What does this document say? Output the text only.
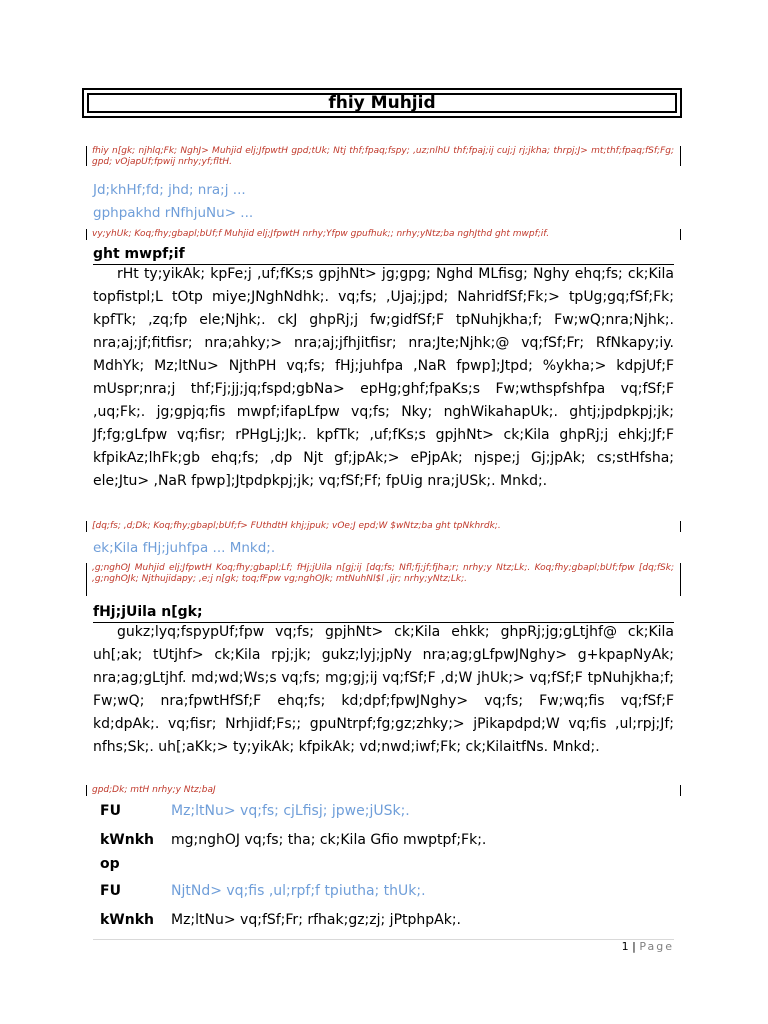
fhiy Muhjid
fhiy n[gk; njhlq;Fk; NghJ> Muhjid elj;JfpwtH gpd;tUk; Ntj thf;fpaq;fspy; ,uz;nlhU thf;fpaj;ij cuj;j rj;jkha; thrpj;J> mt;thf;fpaq;fSf;Fg; gpd; vOjapUf;fpwij nrhy;yf;fltH.
Jd;khHf;fd; jhd; nra;j ...
gphpakhd rNfhjuNu> ...
vy;yhUk; Koq;fhy;gbapl;bUf;f Muhjid elj;JfpwtH nrhy;Yfpw gpufhuk;; nrhy;yNtz;ba nghJthd ght mwpf;if.
ght mwpf;if
rHt ty;yikAk; kpFe;j ,uf;fKs;s gpjhNt> jg;gpg; Nghd MLfisg; Nghy ehq;fs; ck;Kila topfistpl;L tOtp miye;JNghNdhk;. vq;fs; ,Ujaj;jpd; NahridfSf;Fk;> tpUg;gq;fSf;Fk; kpfTk; ,zq;fp ele;Njhk;. ckJ ghpRj;j fw;gidfSf;F tpNuhjkha;f; Fw;wQ;nra;Njhk;. nra;aj;jf;fitfisr; nra;ahky;> nra;aj;jfhjitfisr; nra;Jte;Njhk;@ vq;fSf;Fr; RfNkapy;iy. MdhYk; Mz;ltNu> NjthPH vq;fs; fHj;juhfpa ,NaR fpwp];Jtpd; %ykha;> kdpjUf;F mUspr;nra;j thf;Fj;jj;jq;fspd;gbNa> epHg;ghf;fpaKs;s Fw;wthspfshfpa vq;fSf;F ,uq;Fk;. jg;gpjq;fis mwpf;ifapLfpw vq;fs; Nky; nghWikahapUk;. ghtj;jpdpkpj;jk; Jf;fg;gLfpw vq;fisr; rPHgLj;Jk;. kpfTk; ,uf;fKs;s gpjhNt> ck;Kila ghpRj;j ehkj;Jf;F kfpikAz;lhFk;gb ehq;fs; ,dp Njt gf;jpAk;> ePjpAk; njspe;j Gj;jpAk; cs;stHfsha; ele;Jtu> ,NaR fpwp];Jtpdpkpj;jk; vq;fSf;Ff; fpUig nra;jUSk;. Mnkd;.
[dq;fs; ,d;Dk; Koq;fhy;gbapl;bUf;f> FUthdtH khj;jpuk; vOe;J epd;W $wNtz;ba ght tpNkhrdk;.
ek;Kila fHj;juhfpa ... Mnkd;.
,g;nghOJ Muhjid elj;JfpwtH Koq;fhy;gbapl;Lf; fHj;jUila n[gj;ij [dq;fs; Nfl;fj;jf;fjha;r; nrhy;y Ntz;Lk;. Koq;fhy;gbapl;bUf;fpw [dq;fSk; ,g;nghOJk; Njthujidapy; ,e;j n[gk; toq;fFpw vg;nghOJk; mtNuhNl$l ,ijr; nrhy;yNtz;Lk;.
fHj;jUila n[gk;
gukz;lyq;fspypUf;fpw vq;fs; gpjhNt> ck;Kila ehkk; ghpRj;jg;gLtjhf@ ck;Kila uh[;ak; tUtjhf> ck;Kila rpj;jk; gukz;lyj;jpNy nra;ag;gLfpwJNghy> g+kpapNyAk; nra;ag;gLtjhf. md;wd;Ws;s vq;fs; mg;gj;ij vq;fSf;F ,d;W jhUk;> vq;fSf;F tpNuhjkha;f; Fw;wQ; nra;fpwtHfSf;F ehq;fs; kd;dpf;fpwJNghy> vq;fs; Fw;wq;fis vq;fSf;F kd;dpAk;. vq;fisr; Nrhjidf;Fs;; gpuNtrpf;fg;gz;zhky;> jPikapdpd;W vq;fis ,ul;rpj;Jf; nfhs;Sk;. uh[;aKk;> ty;yikAk; kfpikAk; vd;nwd;iwf;Fk; ck;KilaitfNs. Mnkd;.
gpd;Dk; mtH nrhy;y Ntz;baJ
FU	Mz;ltNu> vq;fs; cjLfisj; jpwe;jUSk;.
kWnkh mg;nghOJ vq;fs; tha; ck;Kila Gfio mwptpf;Fk;.
op
FU	NjtNd> vq;fis ,ul;rpf;f tpiutha; thUk;.
kWnkh Mz;ltNu> vq;fSf;Fr; rfhak;gz;zj; jPtphpAk;.
1 | Page
